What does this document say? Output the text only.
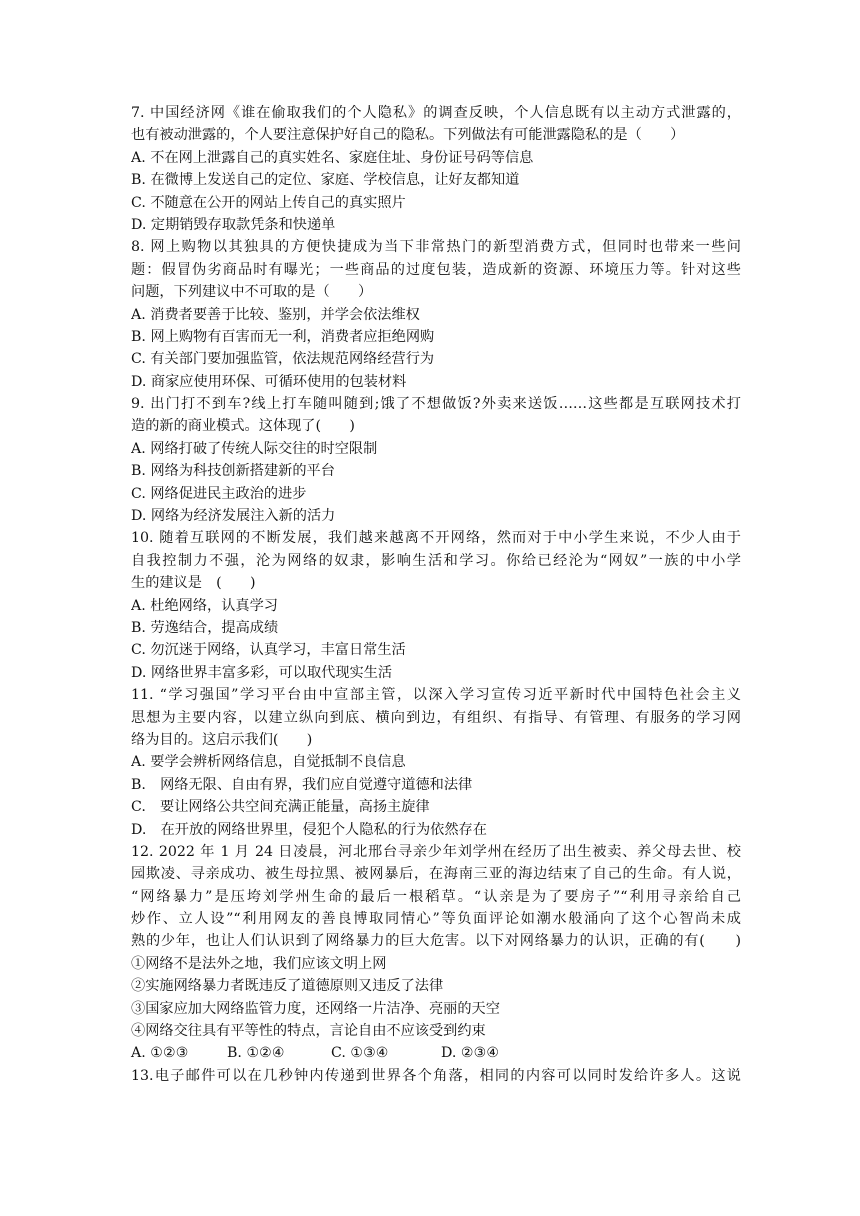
7. 中国经济网《谁在偷取我们的个人隐私》的调查反映，个人信息既有以主动方式泄露的，
也有被动泄露的，个人要注意保护好自己的隐私。下列做法有可能泄露隐私的是（　　）
A. 不在网上泄露自己的真实姓名、家庭住址、身份证号码等信息
B. 在微博上发送自己的定位、家庭、学校信息，让好友都知道
C. 不随意在公开的网站上传自己的真实照片
D. 定期销毁存取款凭条和快递单
8. 网上购物以其独具的方便快捷成为当下非常热门的新型消费方式，但同时也带来一些问
题：假冒伪劣商品时有曝光；一些商品的过度包装，造成新的资源、环境压力等。针对这些
问题，下列建议中不可取的是（　　）
A. 消费者要善于比较、鉴别，并学会依法维权
B. 网上购物有百害而无一利，消费者应拒绝网购
C. 有关部门要加强监管，依法规范网络经营行为
D. 商家应使用环保、可循环使用的包装材料
9. 出门打不到车?线上打车随叫随到;饿了不想做饭?外卖来送饭……这些都是互联网技术打
造的新的商业模式。这体现了(　　)
A. 网络打破了传统人际交往的时空限制
B. 网络为科技创新搭建新的平台
C. 网络促进民主政治的进步
D. 网络为经济发展注入新的活力
10. 随着互联网的不断发展，我们越来越离不开网络，然而对于中小学生来说，不少人由于
自我控制力不强，沦为网络的奴隶，影响生活和学习。你给已经沦为“网奴”一族的中小学
生的建议是　(　　)
A. 杜绝网络，认真学习
B. 劳逸结合，提高成绩
C. 勿沉迷于网络，认真学习，丰富日常生活
D. 网络世界丰富多彩，可以取代现实生活
11. “学习强国”学习平台由中宣部主管，以深入学习宣传习近平新时代中国特色社会主义
思想为主要内容，以建立纵向到底、横向到边，有组织、有指导、有管理、有服务的学习网
络为目的。这启示我们(　　)
A. 要学会辨析网络信息，自觉抵制不良信息
B.　网络无限、自由有界，我们应自觉遵守道德和法律
C.　要让网络公共空间充满正能量，高扬主旋律
D.　在开放的网络世界里，侵犯个人隐私的行为依然存在
12. 2022 年 1 月 24 日凌晨，河北邢台寻亲少年刘学州在经历了出生被卖、养父母去世、校
园欺凌、寻亲成功、被生母拉黑、被网暴后，在海南三亚的海边结束了自己的生命。有人说，
“网络暴力”是压垮刘学州生命的最后一根稻草。“认亲是为了要房子”“利用寻亲给自己
炒作、立人设”“利用网友的善良博取同情心”等负面评论如潮水般涌向了这个心智尚未成
熟的少年，也让人们认识到了网络暴力的巨大危害。以下对网络暴力的认识，正确的有(　　)
①网络不是法外之地，我们应该文明上网
②实施网络暴力者既违反了道德原则又违反了法律
③国家应加大网络监管力度，还网络一片洁净、亮丽的天空
④网络交往具有平等性的特点，言论自由不应该受到约束
A. ①②③	B. ①②④	C. ①③④	D. ②③④
13.电子邮件可以在几秒钟内传递到世界各个角落，相同的内容可以同时发给许多人。这说
